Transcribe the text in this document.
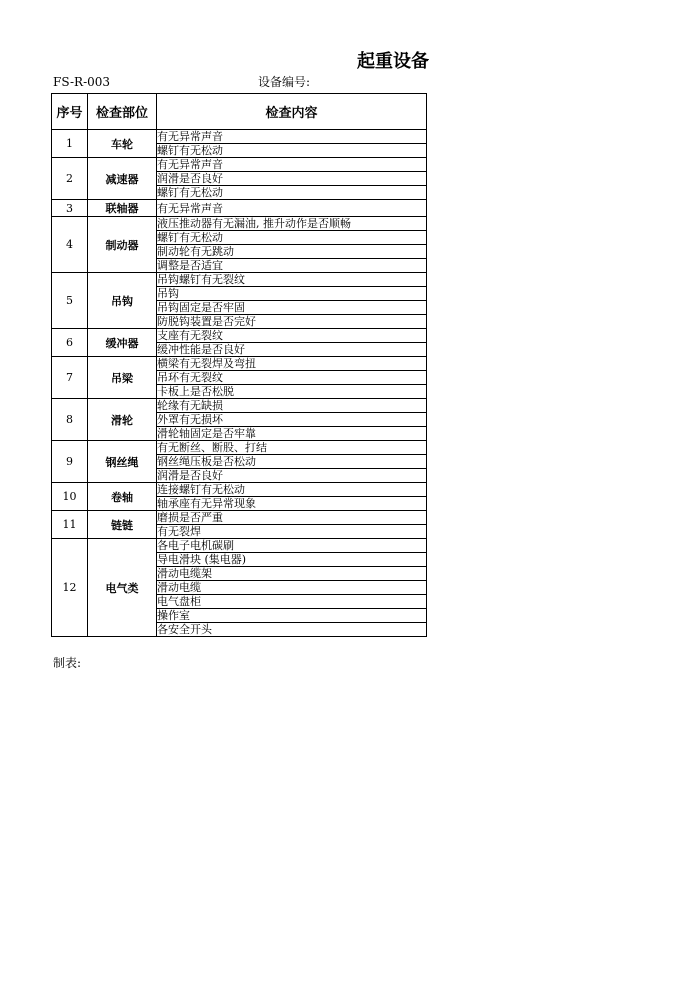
起重设备
FS-R-003	设备编号:
序号	检查部位	检查内容
1	车轮	有无异常声音
		螺钉有无松动
2	减速器	有无异常声音
		润滑是否良好
		螺钉有无松动
3	联轴器	有无异常声音
4	制动器	液压推动器有无漏油, 推升动作是否顺畅
		螺钉有无松动
		制动轮有无跳动
		调整是否适宜
5	吊钩	吊钩螺钉有无裂纹
		吊钩
		吊钩固定是否牢固
		防脱钩装置是否完好
6	缓冲器	支座有无裂纹
		缓冲性能是否良好
7	吊梁	横梁有无裂焊及弯扭
		吊环有无裂纹
		卡板上是否松脱
8	滑轮	轮缘有无缺损
		外罩有无损坏
		滑轮轴固定是否牢靠
9	钢丝绳	有无断丝、断股、打结
		钢丝绳压板是否松动
		润滑是否良好
10	卷轴	连接螺钉有无松动
		轴承座有无异常现象
11	链链	磨损是否严重
		有无裂焊
12	电气类	各电子电机碳刷
		导电滑块 (集电器)
		滑动电缆架
		滑动电缆
		电气盘柜
		操作室
		各安全开头
制表:
